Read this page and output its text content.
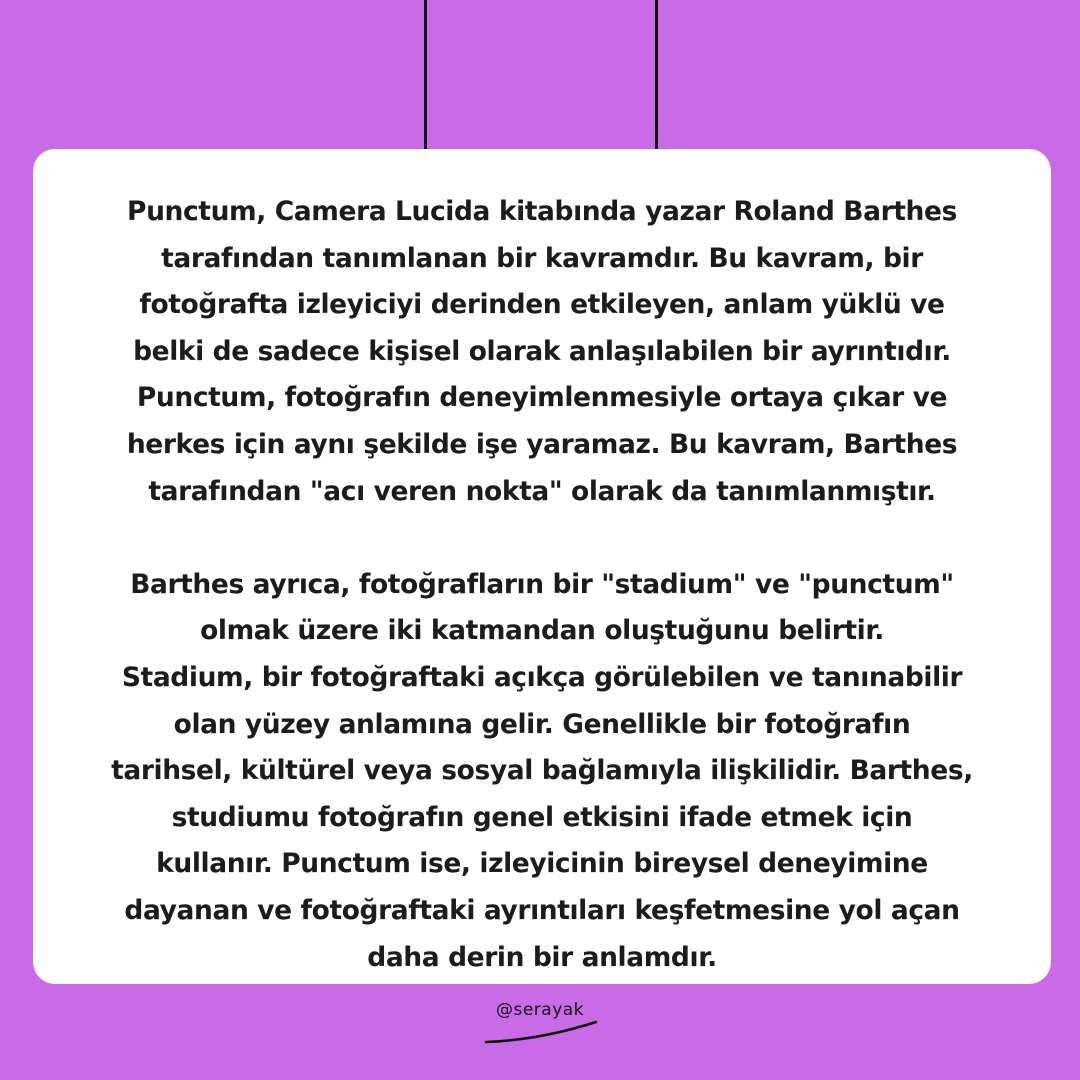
Punctum, Camera Lucida kitabında yazar Roland Barthes
tarafından tanımlanan bir kavramdır. Bu kavram, bir
fotoğrafta izleyiciyi derinden etkileyen, anlam yüklü ve
belki de sadece kişisel olarak anlaşılabilen bir ayrıntıdır.
Punctum, fotoğrafın deneyimlenmesiyle ortaya çıkar ve
herkes için aynı şekilde işe yaramaz. Bu kavram, Barthes
tarafından "acı veren nokta" olarak da tanımlanmıştır.

Barthes ayrıca, fotoğrafların bir "stadium" ve "punctum"
olmak üzere iki katmandan oluştuğunu belirtir.
Stadium, bir fotoğraftaki açıkça görülebilen ve tanınabilir
olan yüzey anlamına gelir. Genellikle bir fotoğrafın
tarihsel, kültürel veya sosyal bağlamıyla ilişkilidir. Barthes,
studiumu fotoğrafın genel etkisini ifade etmek için
kullanır. Punctum ise, izleyicinin bireysel deneyimine
dayanan ve fotoğraftaki ayrıntıları keşfetmesine yol açan
daha derin bir anlamdır.

@serayak
